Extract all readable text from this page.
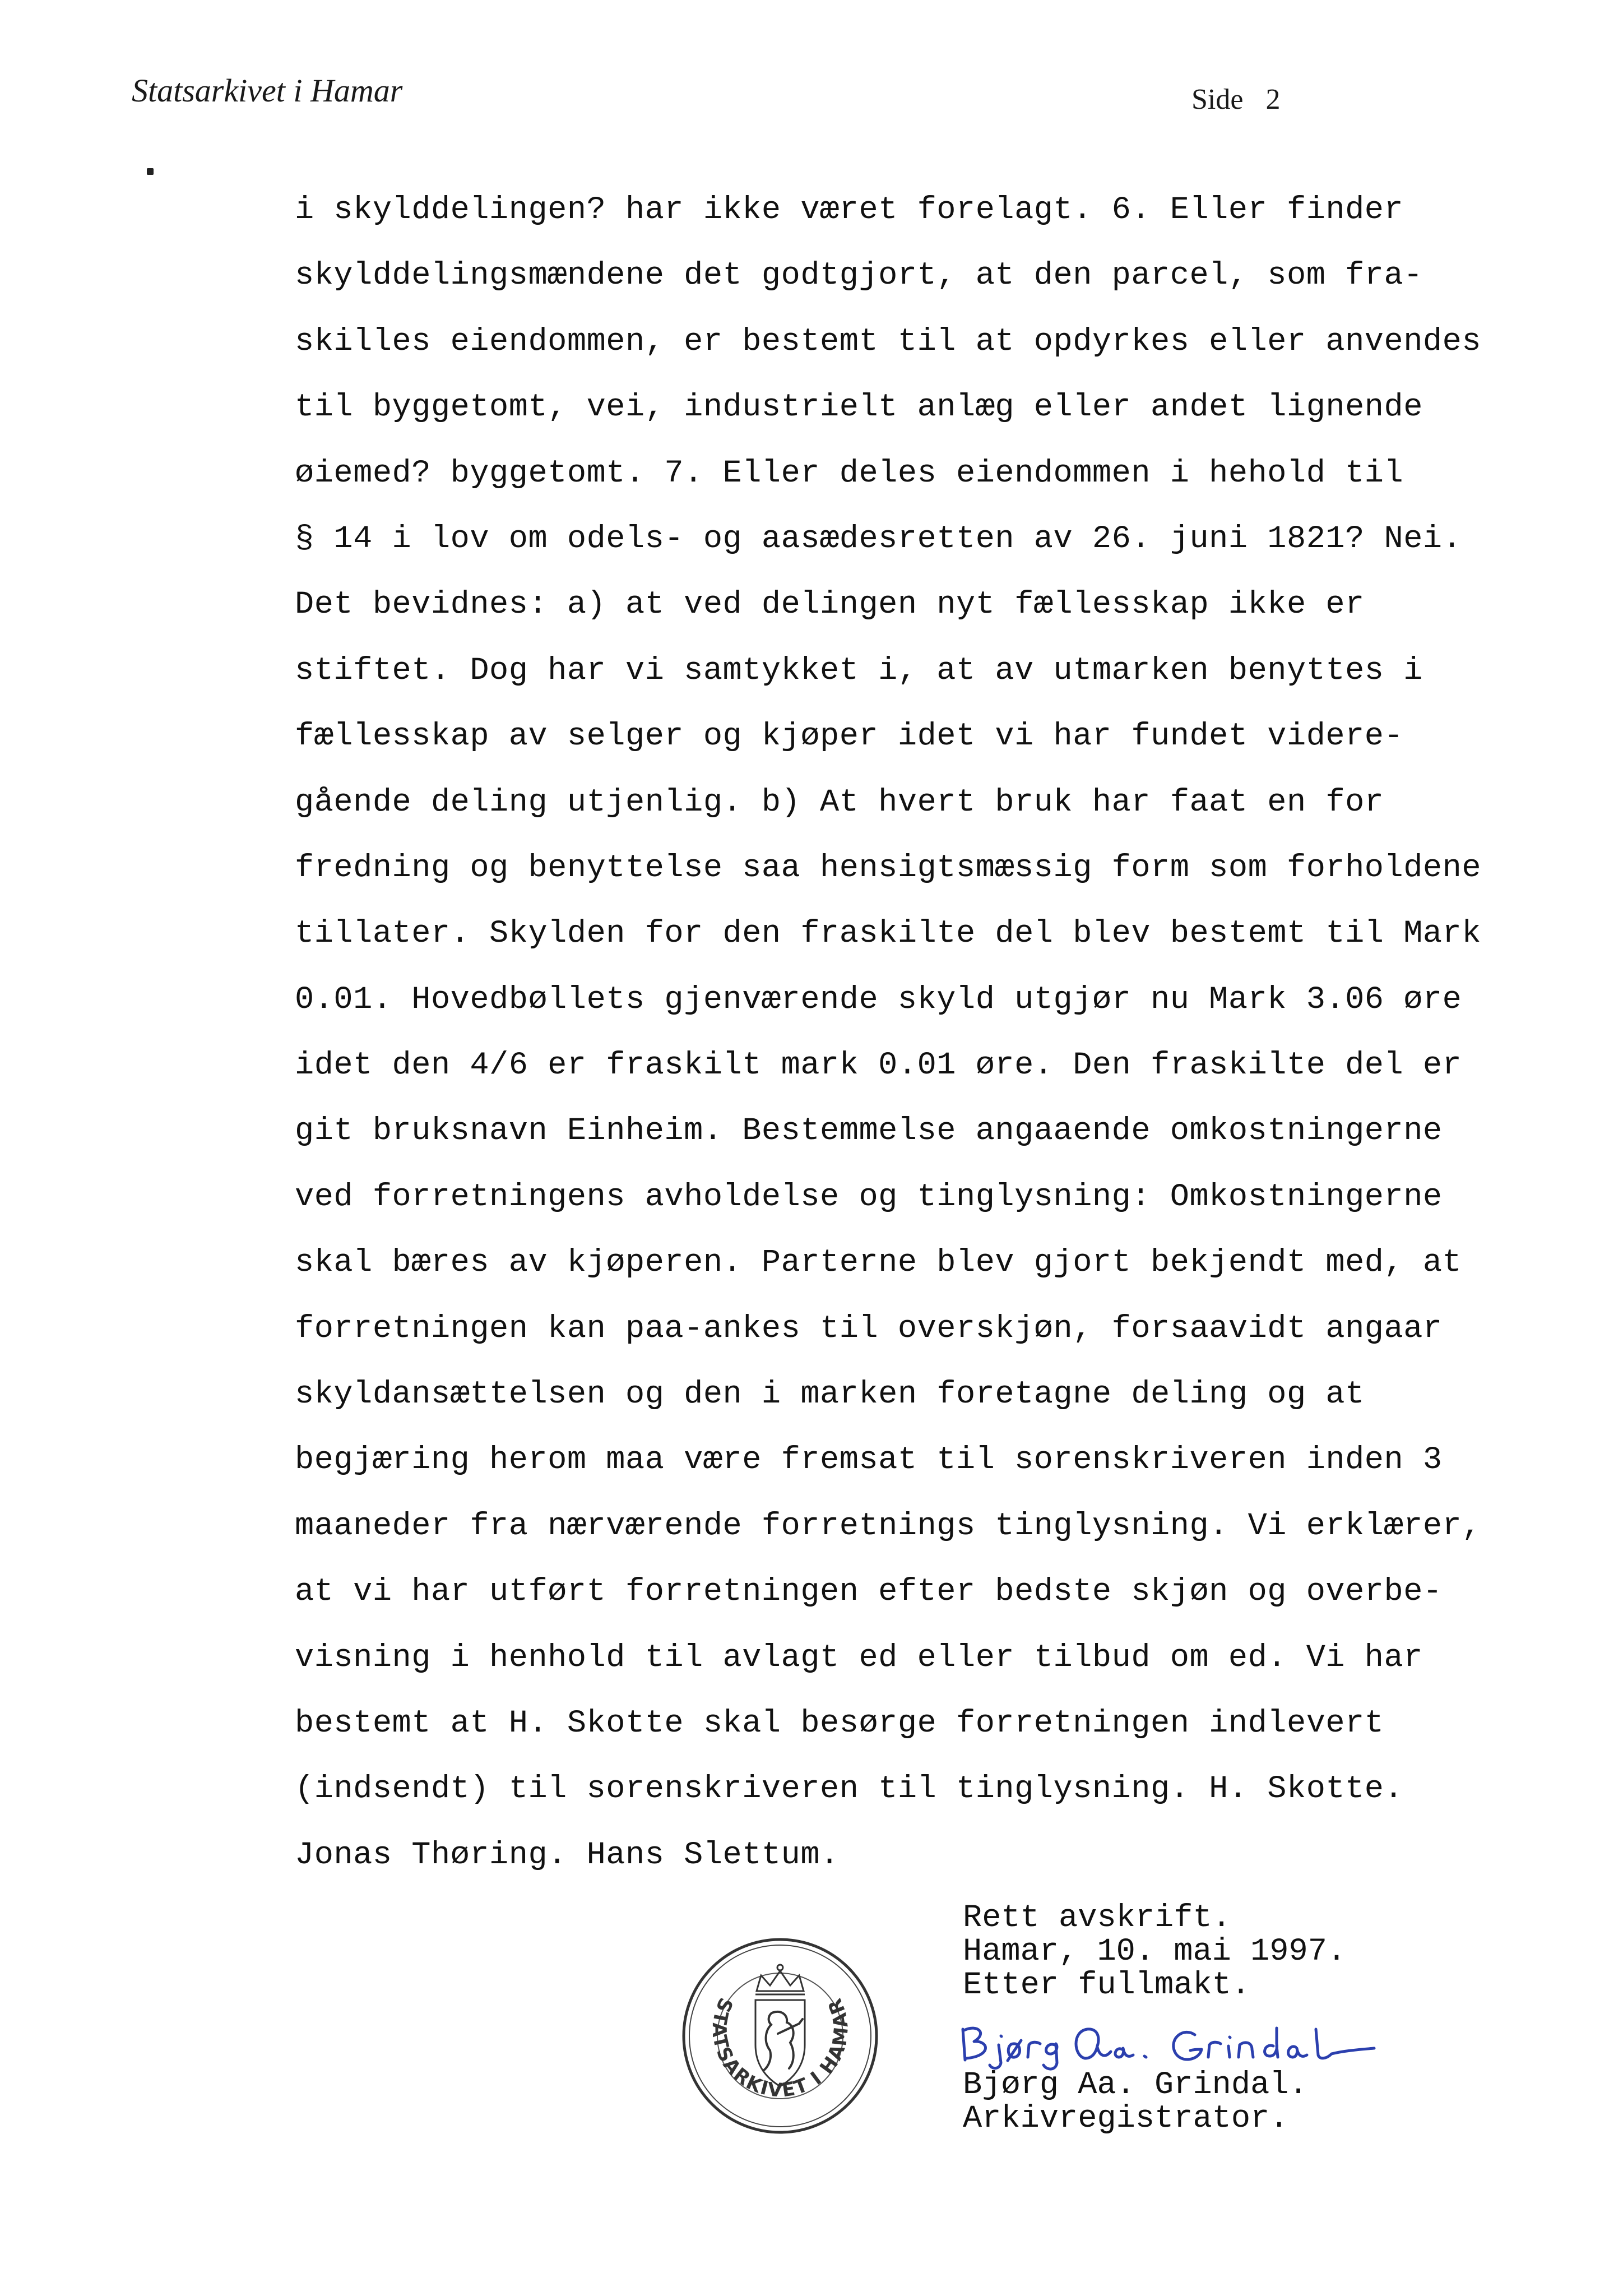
Statsarkivet i Hamar	Side 2
i skylddelingen? har ikke været forelagt. 6. Eller finder
skylddelingsmændene det godtgjort, at den parcel, som fra-
skilles eiendommen, er bestemt til at opdyrkes eller anvendes
til byggetomt, vei, industrielt anlæg eller andet lignende
øiemed? byggetomt. 7. Eller deles eiendommen i hehold til
§ 14 i lov om odels- og aasædesretten av 26. juni 1821? Nei.
Det bevidnes: a) at ved delingen nyt fællesskap ikke er
stiftet. Dog har vi samtykket i, at av utmarken benyttes i
fællesskap av selger og kjøper idet vi har fundet videre-
gående deling utjenlig. b) At hvert bruk har faat en for
fredning og benyttelse saa hensigtsmæssig form som forholdene
tillater. Skylden for den fraskilte del blev bestemt til Mark
0.01. Hovedbøllets gjenværende skyld utgjør nu Mark 3.06 øre
idet den 4/6 er fraskilt mark 0.01 øre. Den fraskilte del er
git bruksnavn Einheim. Bestemmelse angaaende omkostningerne
ved forretningens avholdelse og tinglysning: Omkostningerne
skal bæres av kjøperen. Parterne blev gjort bekjendt med, at
forretningen kan paa-ankes til overskjøn, forsaavidt angaar
skyldansættelsen og den i marken foretagne deling og at
begjæring herom maa være fremsat til sorenskriveren inden 3
maaneder fra nærværende forretnings tinglysning. Vi erklærer,
at vi har utført forretningen efter bedste skjøn og overbe-
visning i henhold til avlagt ed eller tilbud om ed. Vi har
bestemt at H. Skotte skal besørge forretningen indlevert
(indsendt) til sorenskriveren til tinglysning. H. Skotte.
Jonas Thøring. Hans Slettum.
Rett avskrift.
Hamar, 10. mai 1997.
Etter fullmakt.
Bjørg Aa. Grindal.
Arkivregistrator.
STATSARKIVET I HAMAR
